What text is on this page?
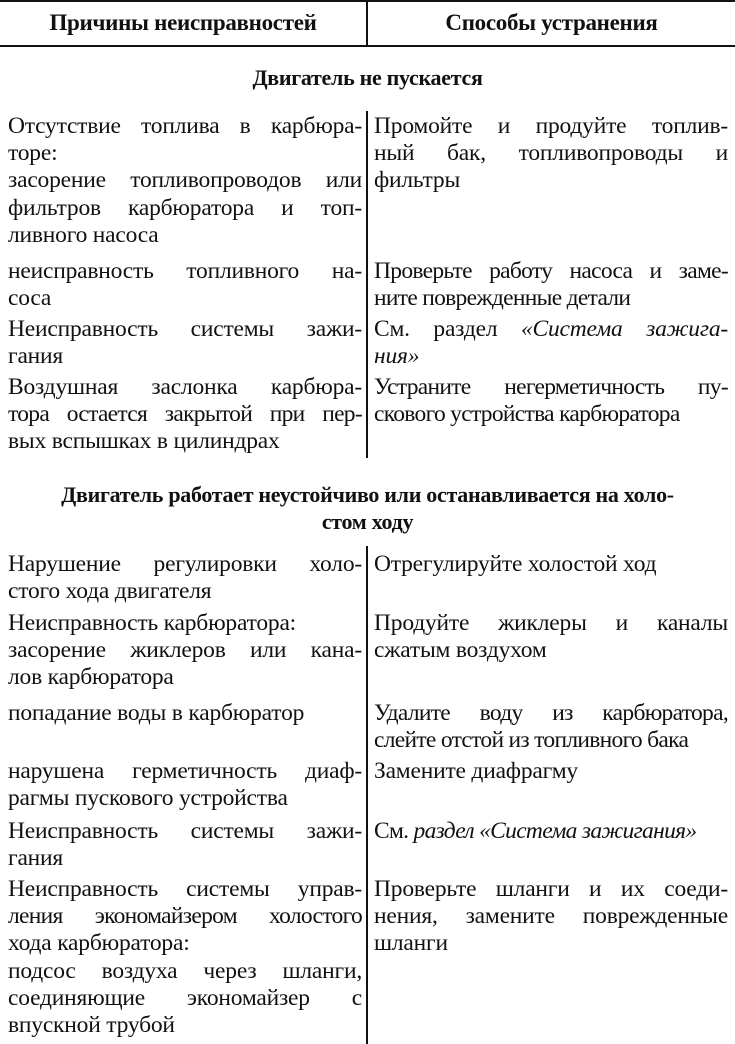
Причины неисправностей	Способы устранения
Двигатель не пускается
Отсутствие топлива в карбюра-
торе:
засорение топливопроводов или
фильтров карбюратора и топ-
ливного насоса
Промойте и продуйте топлив-
ный бак, топливопроводы и
фильтры
неисправность топливного на-
соса
Проверьте работу насоса и заме-
ните поврежденные детали
Неисправность системы зажи-
гания
См. раздел «Система зажига-
ния»
Воздушная заслонка карбюра-
тора остается закрытой при пер-
вых вспышках в цилиндрах
Устраните негерметичность пу-
скового устройства карбюратора
Двигатель работает неустойчиво или останавливается на холо-
стом ходу
Нарушение регулировки холо-
стого хода двигателя
Отрегулируйте холостой ход
Неисправность карбюратора:
засорение жиклеров или кана-
лов карбюратора
Продуйте жиклеры и каналы
сжатым воздухом
попадание воды в карбюратор	Удалите воду из карбюратора,
слейте отстой из топливного бака
нарушена герметичность диаф-
рагмы пускового устройства
Замените диафрагму
Неисправность системы зажи-
гания
См. раздел «Система зажигания»
Неисправность системы управ-
ления экономайзером холостого
хода карбюратора:
подсос воздуха через шланги,
соединяющие экономайзер с
впускной трубой
Проверьте шланги и их соеди-
нения, замените поврежденные
шланги
